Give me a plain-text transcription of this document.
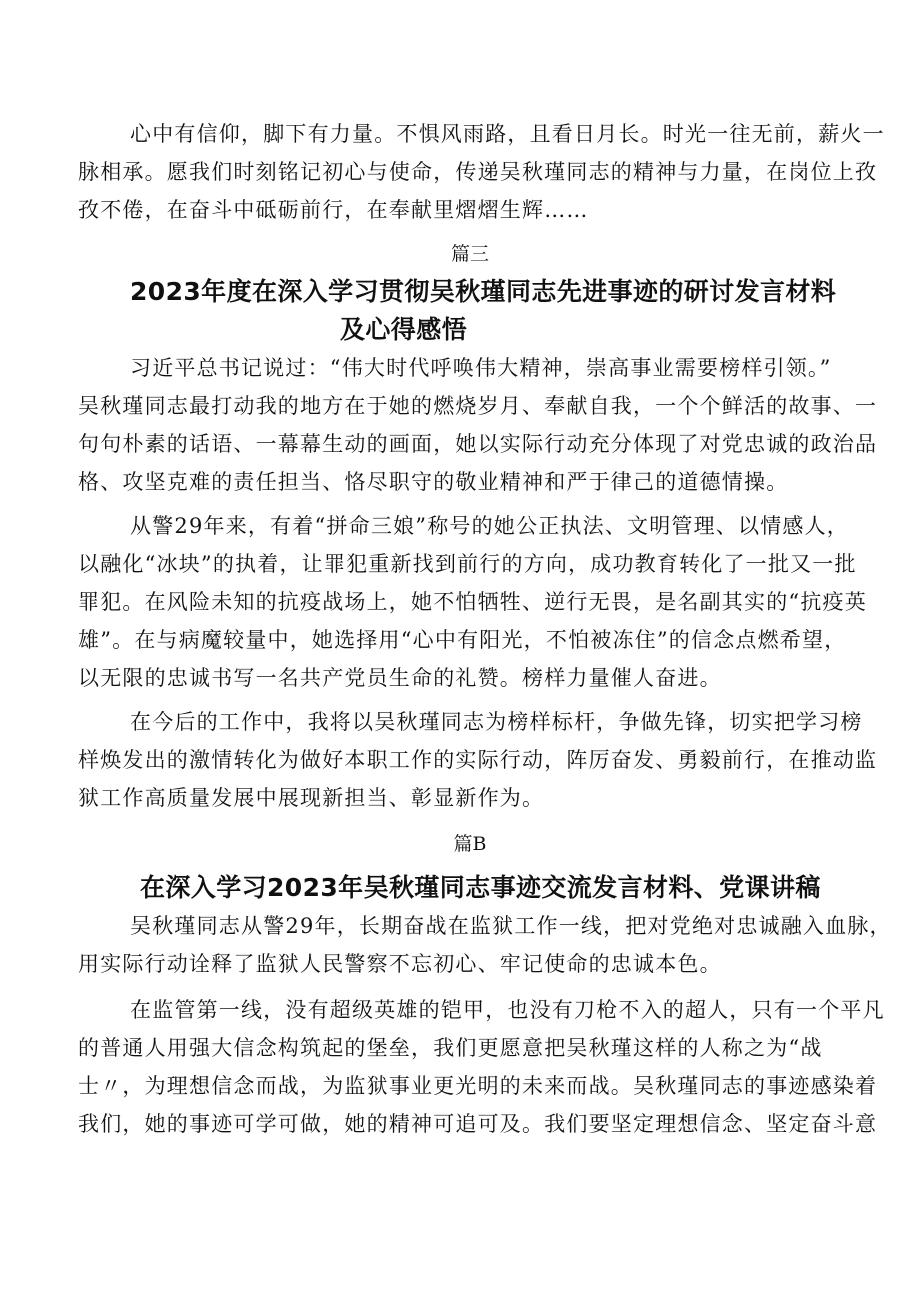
心中有信仰，脚下有力量。不惧风雨路，且看日月长。时光一往无前，薪火一

脉相承。愿我们时刻铭记初心与使命，传递吴秋瑾同志的精神与力量，在岗位上孜

孜不倦，在奋斗中砥砺前行，在奉献里熠熠生辉……

篇三

2023年度在深入学习贯彻吴秋瑾同志先进事迹的研讨发言材料

及心得感悟

习近平总书记说过：“伟大时代呼唤伟大精神，崇高事业需要榜样引领。”

吴秋瑾同志最打动我的地方在于她的燃烧岁月、奉献自我，一个个鲜活的故事、一

句句朴素的话语、一幕幕生动的画面，她以实际行动充分体现了对党忠诚的政治品

格、攻坚克难的责任担当、恪尽职守的敬业精神和严于律己的道德情操。

从警29年来，有着“拼命三娘”称号的她公正执法、文明管理、以情感人，

以融化“冰块”的执着，让罪犯重新找到前行的方向，成功教育转化了一批又一批

罪犯。在风险未知的抗疫战场上，她不怕牺牲、逆行无畏，是名副其实的“抗疫英

雄”。在与病魔较量中，她选择用“心中有阳光，不怕被冻住”的信念点燃希望，

以无限的忠诚书写一名共产党员生命的礼赞。榜样力量催人奋进。

在今后的工作中，我将以吴秋瑾同志为榜样标杆，争做先锋，切实把学习榜

样焕发出的激情转化为做好本职工作的实际行动，阵厉奋发、勇毅前行，在推动监

狱工作高质量发展中展现新担当、彰显新作为。

篇B

在深入学习2023年吴秋瑾同志事迹交流发言材料、党课讲稿

吴秋瑾同志从警29年，长期奋战在监狱工作一线，把对党绝对忠诚融入血脉，

用实际行动诠释了监狱人民警察不忘初心、牢记使命的忠诚本色。

在监管第一线，没有超级英雄的铠甲，也没有刀枪不入的超人，只有一个平凡

的普通人用强大信念构筑起的堡垒，我们更愿意把吴秋瑾这样的人称之为“战

士〃，为理想信念而战，为监狱事业更光明的未来而战。吴秋瑾同志的事迹感染着

我们，她的事迹可学可做，她的精神可追可及。我们要坚定理想信念、坚定奋斗意
